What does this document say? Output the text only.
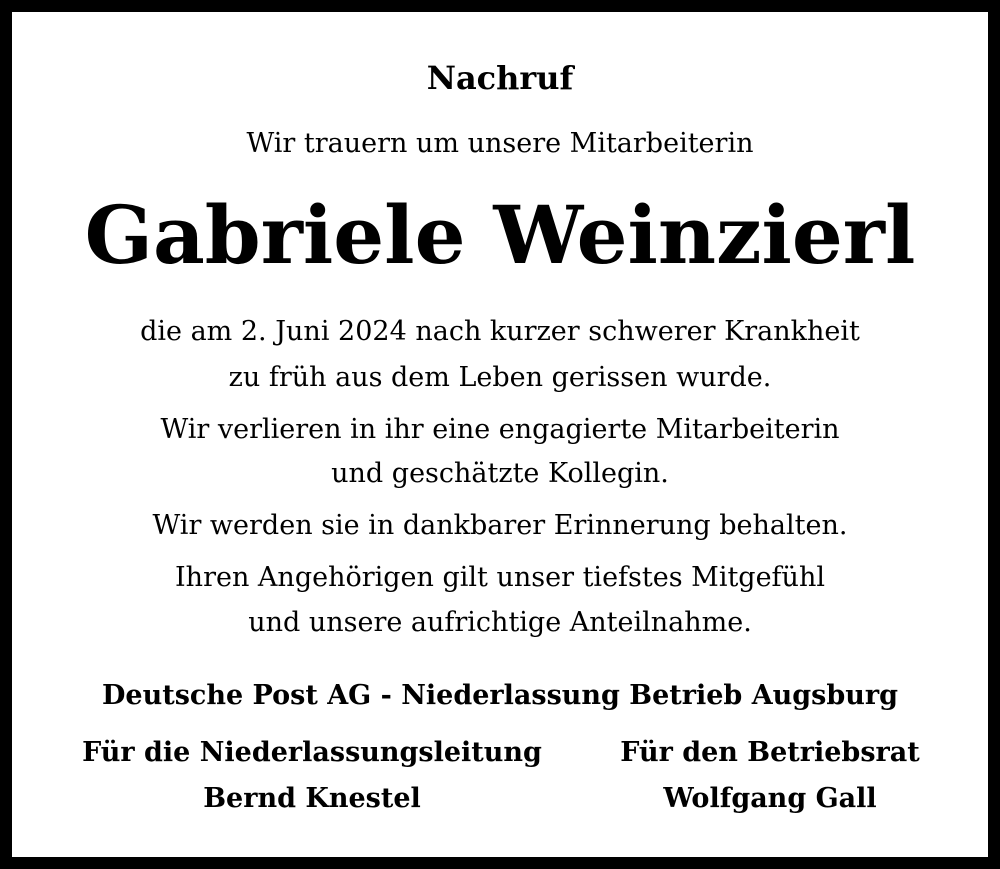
Nachruf
Wir trauern um unsere Mitarbeiterin
Gabriele Weinzierl
die am 2. Juni 2024 nach kurzer schwerer Krankheit
zu früh aus dem Leben gerissen wurde.
Wir verlieren in ihr eine engagierte Mitarbeiterin
und geschätzte Kollegin.
Wir werden sie in dankbarer Erinnerung behalten.
Ihren Angehörigen gilt unser tiefstes Mitgefühl
und unsere aufrichtige Anteilnahme.
Deutsche Post AG - Niederlassung Betrieb Augsburg
Für die Niederlassungsleitung
Bernd Knestel
Für den Betriebsrat
Wolfgang Gall
